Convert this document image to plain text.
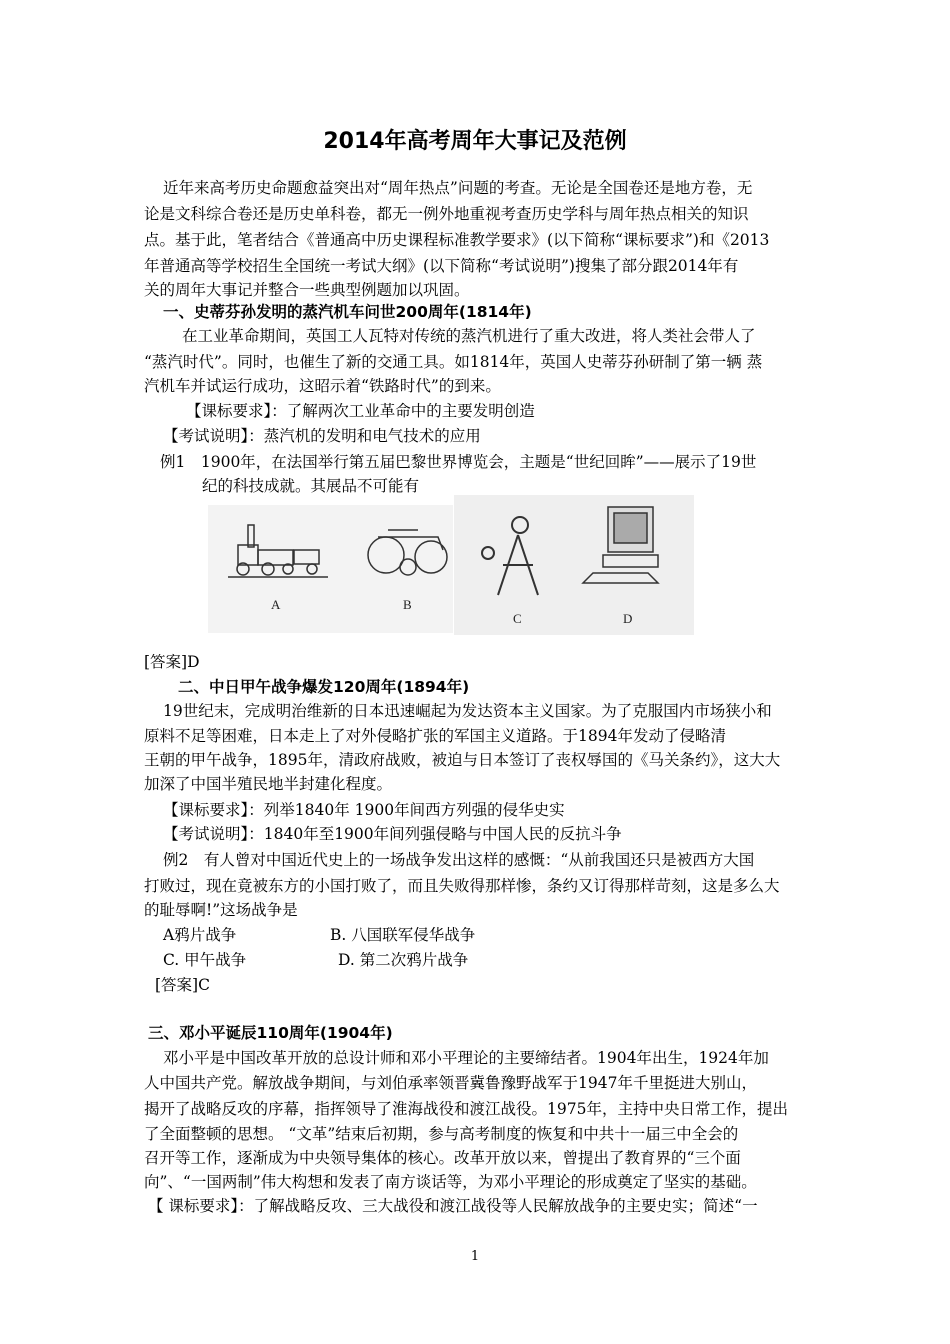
2014年高考周年大事记及范例
近年来高考历史命题愈益突出对“周年热点”问题的考查。无论是全国卷还是地方卷，无
论是文科综合卷还是历史单科卷，都无一例外地重视考查历史学科与周年热点相关的知识
点。基于此，笔者结合《普通高中历史课程标准教学要求》(以下简称“课标要求”)和《2013
年普通高等学校招生全国统一考试大纲》(以下简称“考试说明”)搜集了部分跟2014年有
关的周年大事记并整合一些典型例题加以巩固。
一、史蒂芬孙发明的蒸汽机车问世200周年(1814年)
在工业革命期间，英国工人瓦特对传统的蒸汽机进行了重大改进，将人类社会带人了
“蒸汽时代”。同时，也催生了新的交通工具。如1814年，英国人史蒂芬孙研制了第一辆 蒸
汽机车并试运行成功，这昭示着“铁路时代”的到来。
【课标要求】：了解两次工业革命中的主要发明创造
【考试说明】：蒸汽机的发明和电气技术的应用
例1　1900年，在法国举行第五届巴黎世界博览会，主题是“世纪回眸”——展示了19世
纪的科技成就。其展品不可能有
A	B
C	D
[答案]D
二、中日甲午战争爆发120周年(1894年)
19世纪末，完成明治维新的日本迅速崛起为发达资本主义国家。为了克服国内市场狭小和
原料不足等困难，日本走上了对外侵略扩张的军国主义道路。于1894年发动了侵略清
王朝的甲午战争，1895年，清政府战败，被迫与日本签订了丧权辱国的《马关条约》，这大大
加深了中国半殖民地半封建化程度。
【课标要求】：列举1840年 1900年间西方列强的侵华史实
【考试说明】：1840年至1900年间列强侵略与中国人民的反抗斗争
例2　有人曾对中国近代史上的一场战争发出这样的感慨：“从前我国还只是被西方大国
打败过，现在竟被东方的小国打败了，而且失败得那样惨，条约又订得那样苛刻，这是多么大
的耻辱啊!”这场战争是
A鸦片战争	B. 八国联军侵华战争
C. 甲午战争	D. 第二次鸦片战争
[答案]C
三、邓小平诞辰110周年(1904年)
邓小平是中国改革开放的总设计师和邓小平理论的主要缔结者。1904年出生，1924年加
人中国共产党。解放战争期间，与刘伯承率领晋冀鲁豫野战军于1947年千里挺进大别山，
揭开了战略反攻的序幕，指挥领导了淮海战役和渡江战役。1975年，主持中央日常工作，提出
了全面整顿的思想。 “文革”结束后初期，参与高考制度的恢复和中共十一届三中全会的
召开等工作，逐渐成为中央领导集体的核心。改革开放以来，曾提出了教育界的“三个面
向”、“一国两制”伟大构想和发表了南方谈话等，为邓小平理论的形成奠定了坚实的基础。
【 课标要求】：了解战略反攻、三大战役和渡江战役等人民解放战争的主要史实；简述“一
1
